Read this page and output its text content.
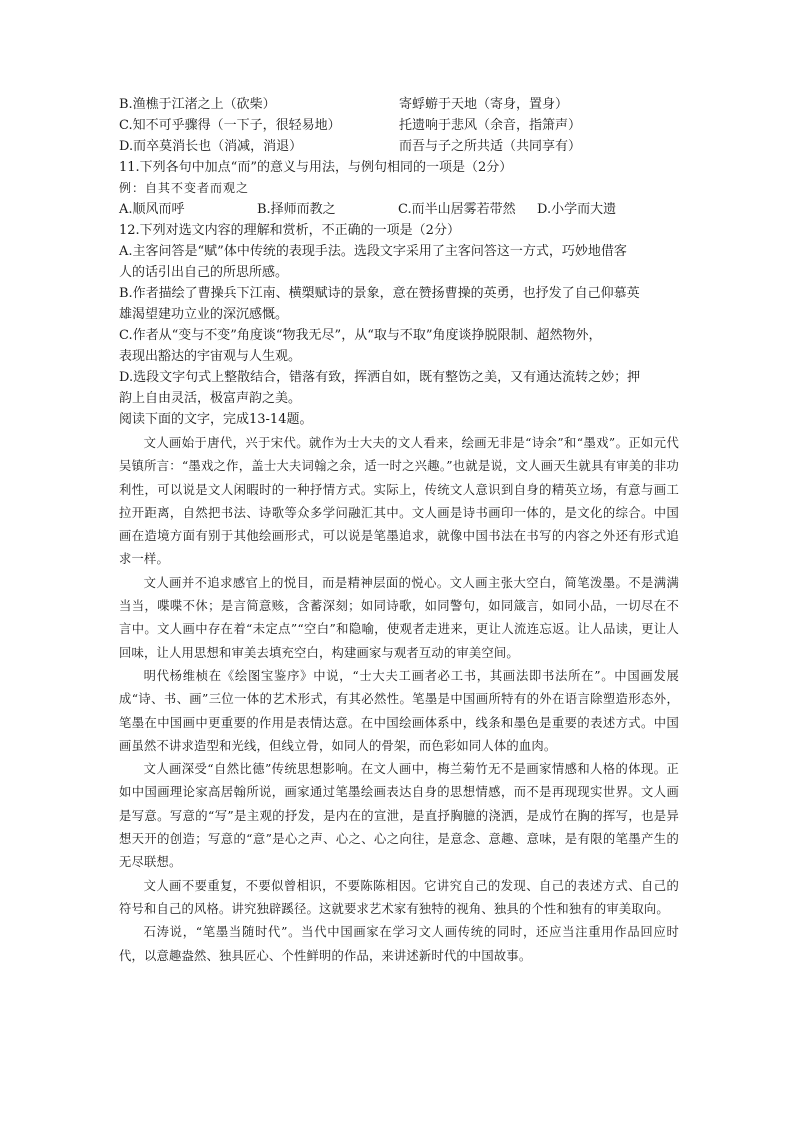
B.渔樵于江渚之上（砍柴）	寄蜉蝣于天地（寄身，置身）
C.知不可乎骤得（一下子，很轻易地）	托遗响于悲风（余音，指箫声）
D.而卒莫消长也（消减，消退）	而吾与子之所共适（共同享有）
11.下列各句中加点“而”的意义与用法，与例句相同的一项是（2分）
例：自其不变者而观之
A.顺风而呼	B.择师而教之	C.而半山居雾若带然	D.小学而大遗
12.下列对选文内容的理解和赏析，不正确的一项是（2分）
A.主客问答是“赋”体中传统的表现手法。选段文字采用了主客问答这一方式，巧妙地借客
人的话引出自己的所思所感。
B.作者描绘了曹操兵下江南、横槊赋诗的景象，意在赞扬曹操的英勇，也抒发了自己仰慕英
雄渴望建功立业的深沉感慨。
C.作者从“变与不变”角度谈“物我无尽”，从“取与不取”角度谈挣脱限制、超然物外，
表现出豁达的宇宙观与人生观。
D.选段文字句式上整散结合，错落有致，挥洒自如，既有整饬之美，又有通达流转之妙；押
韵上自由灵活，极富声韵之美。
阅读下面的文字，完成13-14题。

文人画始于唐代，兴于宋代。就作为士大夫的文人看来，绘画无非是“诗余”和“墨戏”。正如元代吴镇所言：“墨戏之作，盖士大夫词翰之余，适一时之兴趣。”也就是说，文人画天生就具有审美的非功利性，可以说是文人闲暇时的一种抒情方式。实际上，传统文人意识到自身的精英立场，有意与画工拉开距离，自然把书法、诗歌等众多学问融汇其中。文人画是诗书画印一体的，是文化的综合。中国画在造境方面有别于其他绘画形式，可以说是笔墨追求，就像中国书法在书写的内容之外还有形式追求一样。

文人画并不追求感官上的悦目，而是精神层面的悦心。文人画主张大空白，简笔泼墨。不是满满当当，喋喋不休；是言简意赅，含蓄深刻；如同诗歌，如同警句，如同箴言，如同小品，一切尽在不言中。文人画中存在着“未定点”“空白”和隐喻，使观者走进来，更让人流连忘返。让人品读，更让人回味，让人用思想和审美去填充空白，构建画家与观者互动的审美空间。

明代杨维桢在《绘图宝鉴序》中说，“士大夫工画者必工书，其画法即书法所在”。中国画发展成“诗、书、画”三位一体的艺术形式，有其必然性。笔墨是中国画所特有的外在语言除塑造形态外，笔墨在中国画中更重要的作用是表情达意。在中国绘画体系中，线条和墨色是重要的表述方式。中国画虽然不讲求造型和光线，但线立骨，如同人的骨架，而色彩如同人体的血肉。

文人画深受“自然比德”传统思想影响。在文人画中，梅兰菊竹无不是画家情感和人格的体现。正如中国画理论家高居翰所说，画家通过笔墨绘画表达自身的思想情感，而不是再现现实世界。文人画是写意。写意的“写”是主观的抒发，是内在的宣泄，是直抒胸臆的浇洒，是成竹在胸的挥写，也是异想天开的创造；写意的“意”是心之声、心之、心之向往，是意念、意趣、意味，是有限的笔墨产生的无尽联想。

文人画不要重复，不要似曾相识，不要陈陈相因。它讲究自己的发现、自己的表述方式、自己的符号和自己的风格。讲究独辟蹊径。这就要求艺术家有独特的视角、独具的个性和独有的审美取向。

石涛说，“笔墨当随时代”。当代中国画家在学习文人画传统的同时，还应当注重用作品回应时代，以意趣盎然、独具匠心、个性鲜明的作品，来讲述新时代的中国故事。
